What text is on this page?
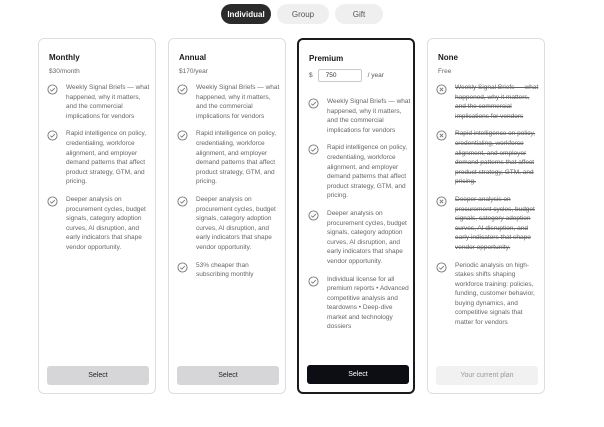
Individual	Group	Gift
Monthly
$30/month
Weekly Signal Briefs — what happened, why it matters, and the commercial implications for vendors
Rapid intelligence on policy, credentialing, workforce alignment, and employer demand patterns that affect product strategy, GTM, and pricing.
Deeper analysis on procurement cycles, budget signals, category adoption curves, AI disruption, and early indicators that shape vendor opportunity.
Select
Annual
$170/year
Weekly Signal Briefs — what happened, why it matters, and the commercial implications for vendors
Rapid intelligence on policy, credentialing, workforce alignment, and employer demand patterns that affect product strategy, GTM, and pricing.
Deeper analysis on procurement cycles, budget signals, category adoption curves, AI disruption, and early indicators that shape vendor opportunity.
53% cheaper than subscribing monthly
Select
Premium
$
750	/ year
Weekly Signal Briefs — what happened, why it matters, and the commercial implications for vendors
Rapid intelligence on policy, credentialing, workforce alignment, and employer demand patterns that affect product strategy, GTM, and pricing.
Deeper analysis on procurement cycles, budget signals, category adoption curves, AI disruption, and early indicators that shape vendor opportunity.
Individual license for all premium reports • Advanced competitive analysis and teardowns • Deep-dive market and technology dossiers
Select
None
Free
Weekly Signal Briefs — what happened, why it matters, and the commercial implications for vendors
Rapid intelligence on policy, credentialing, workforce alignment, and employer demand patterns that affect product strategy, GTM, and pricing.
Deeper analysis on procurement cycles, budget signals, category adoption curves, AI disruption, and early indicators that shape vendor opportunity.
Periodic analysis on high-stakes shifts shaping workforce training: policies, funding, customer behavior, buying dynamics, and competitive signals that matter for vendors
Your current plan
